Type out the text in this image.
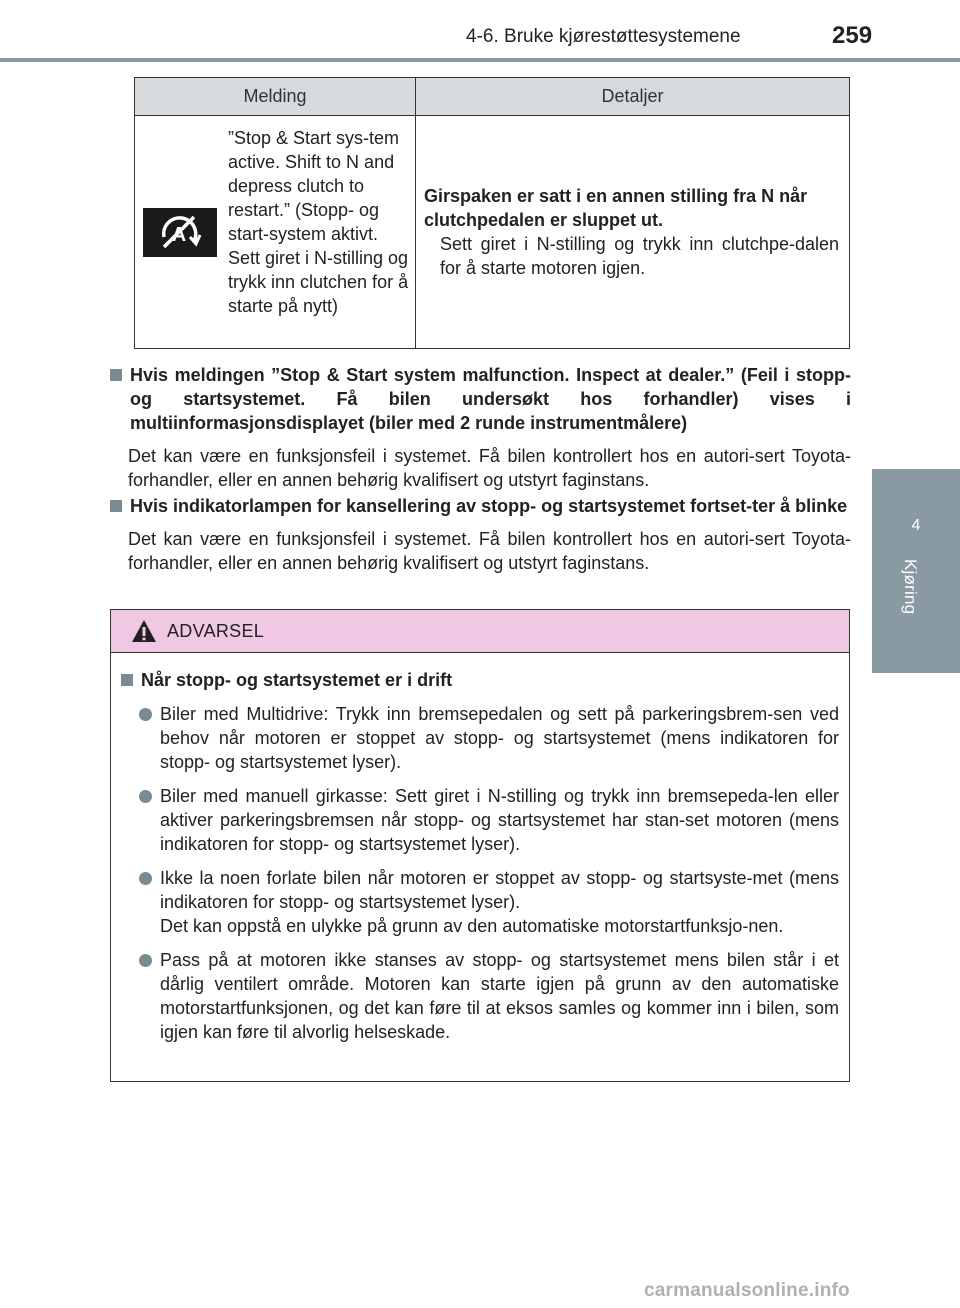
4-6. Bruke kjørestøttesystemene	259
4
Kjøring
Melding	Detaljer
A
”Stop & Start sys-tem active. Shift to N and depress clutch to restart.” (Stopp- og start-system aktivt. Sett giret i N-stilling og trykk inn clutchen for å starte på nytt)
Girspaken er satt i en annen stilling fra N når clutchpedalen er sluppet ut.
Sett giret i N-stilling og trykk inn clutchpe-dalen for å starte motoren igjen.
Hvis meldingen ”Stop & Start system malfunction. Inspect at dealer.” (Feil i stopp- og startsystemet. Få bilen undersøkt hos forhandler) vises i multiinformasjonsdisplayet (biler med 2 runde instrumentmålere)
Det kan være en funksjonsfeil i systemet. Få bilen kontrollert hos en autori-sert Toyota-forhandler, eller en annen behørig kvalifisert og utstyrt faginstans.
Hvis indikatorlampen for kansellering av stopp- og startsystemet fortset-ter å blinke
Det kan være en funksjonsfeil i systemet. Få bilen kontrollert hos en autori-sert Toyota-forhandler, eller en annen behørig kvalifisert og utstyrt faginstans.
ADVARSEL
Når stopp- og startsystemet er i drift
Biler med Multidrive: Trykk inn bremsepedalen og sett på parkeringsbrem-sen ved behov når motoren er stoppet av stopp- og startsystemet (mens indikatoren for stopp- og startsystemet lyser).
Biler med manuell girkasse: Sett giret i N-stilling og trykk inn bremsepeda-len eller aktiver parkeringsbremsen når stopp- og startsystemet har stan-set motoren (mens indikatoren for stopp- og startsystemet lyser).
Ikke la noen forlate bilen når motoren er stoppet av stopp- og startsyste-met (mens indikatoren for stopp- og startsystemet lyser).
Det kan oppstå en ulykke på grunn av den automatiske motorstartfunksjo-nen.
Pass på at motoren ikke stanses av stopp- og startsystemet mens bilen står i et dårlig ventilert område. Motoren kan starte igjen på grunn av den automatiske motorstartfunksjonen, og det kan føre til at eksos samles og kommer inn i bilen, som igjen kan føre til alvorlig helseskade.
carmanualsonline.info
